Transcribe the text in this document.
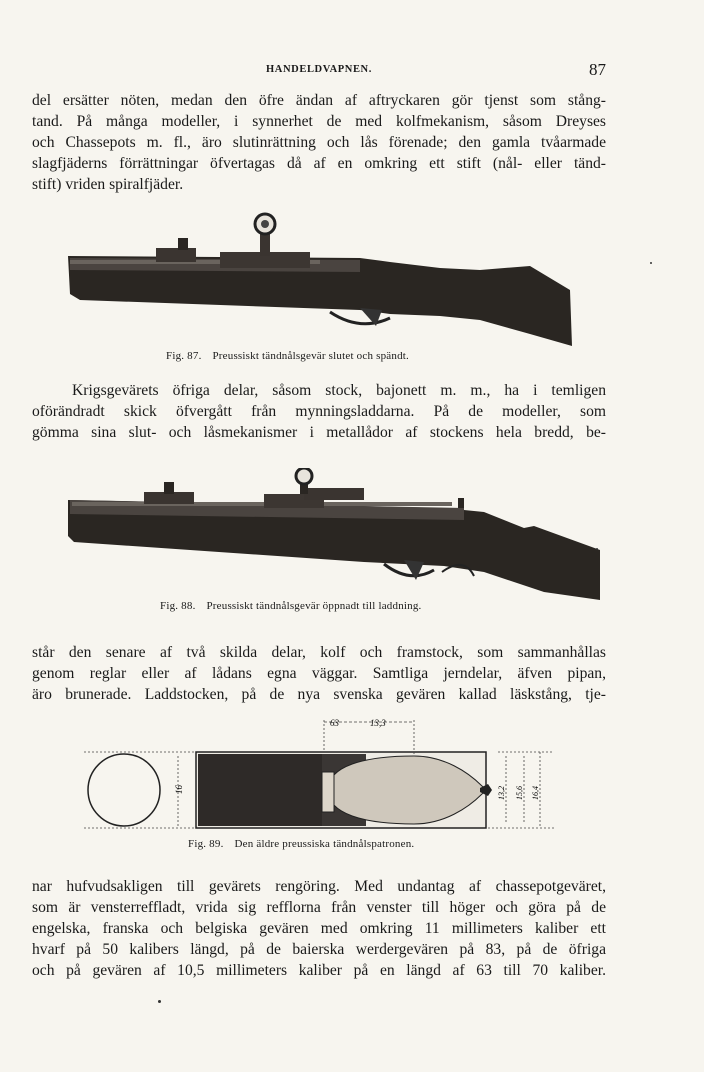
HANDELDVAPNEN.	87
del ersätter nöten, medan den öfre ändan af aftryckaren gör tjenst som stång-
tand. På många modeller, i synnerhet de med kolfmekanism, såsom Dreyses
och Chassepots m. fl., äro slutinrättning och lås förenade; den gamla tvåarmade
slagfjäderns förrättningar öfvertagas då af en omkring ett stift (nål- eller tänd-
stift) vriden spiralfjäder.
Fig. 87. Preussiskt tändnålsgevär slutet och spändt.
Krigsgevärets öfriga delar, såsom stock, bajonett m. m., ha i temligen
oförändradt skick öfvergått från mynningsladdarna. På de modeller, som
gömma sina slut- och låsmekanismer i metallådor af stockens hela bredd, be-
Fig. 88. Preussiskt tändnålsgevär öppnadt till laddning.
står den senare af två skilda delar, kolf och framstock, som sammanhållas
genom reglar eller af lådans egna väggar. Samtliga jerndelar, äfven pipan,
äro brunerade. Laddstocken, på de nya svenska gevären kallad läskstång, tje-
63	13,3
16	13,2 15,6 16,4
Fig. 89. Den äldre preussiska tändnålspatronen.
nar hufvudsakligen till gevärets rengöring. Med undantag af chassepotgeväret,
som är vensterreffladt, vrida sig refflorna från venster till höger och göra på de
engelska, franska och belgiska gevären med omkring 11 millimeters kaliber ett
hvarf på 50 kalibers längd, på de baierska werdergevären på 83, på de öfriga
och på gevären af 10,5 millimeters kaliber på en längd af 63 till 70 kaliber.
